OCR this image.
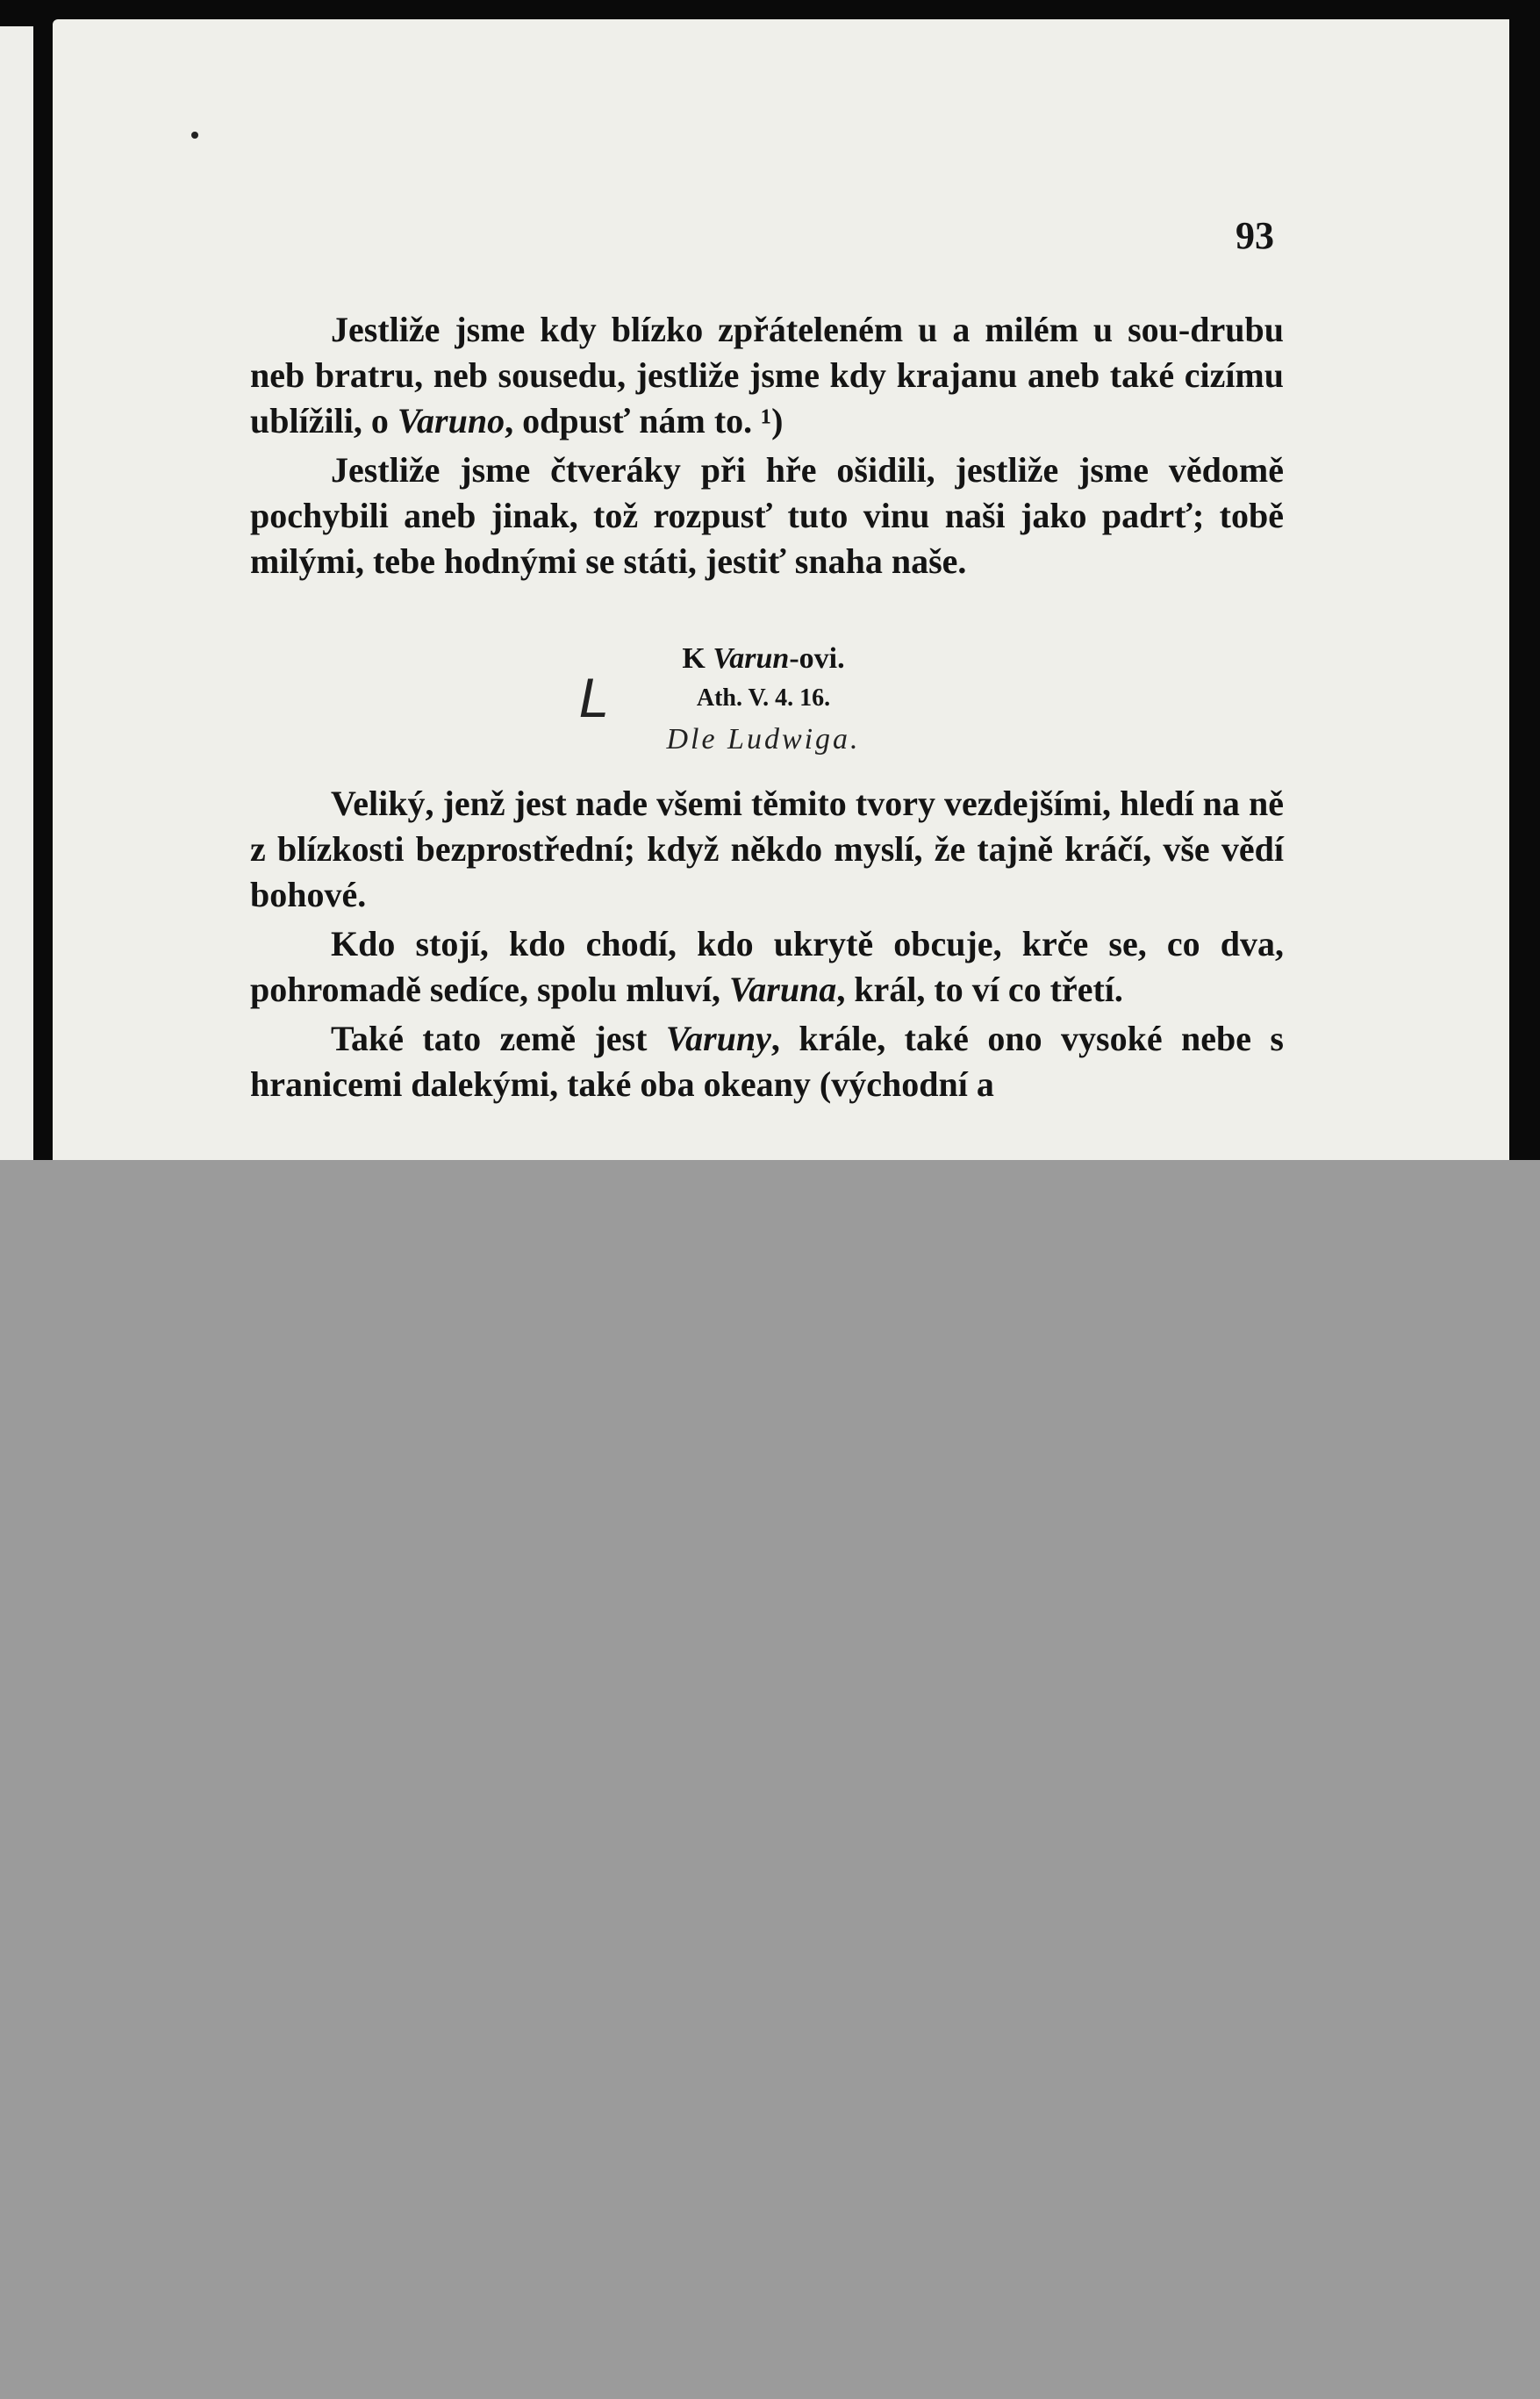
93

Jestliže jsme kdy blízko zpřáteleném u a milém u sou-drubu neb bratru, neb sousedu, jestliže jsme kdy krajanu aneb také cizímu ublížili, o Varuno, odpusť nám to. ¹)

Jestliže jsme čtveráky při hře ošidili, jestliže jsme vědomě pochybili aneb jinak, tož rozpusť tuto vinu naši jako padrť; tobě milými, tebe hodnými se státi, jestiť snaha naše.

K Varun-ovi.
Ath. V. 4. 16.
L
Dle Ludwiga.

Veliký, jenž jest nade všemi těmito tvory vezdejšími, hledí na ně z blízkosti bezprostřední; když někdo myslí, že tajně kráčí, vše vědí bohové.

Kdo stojí, kdo chodí, kdo ukrytě obcuje, krče se, co dva, pohromadě sedíce, spolu mluví, Varuna, král, to ví co třetí.

Také tato země jest Varuny, krále, také ono vysoké nebe s hranicemi dalekými, také oba okeany (východní a
